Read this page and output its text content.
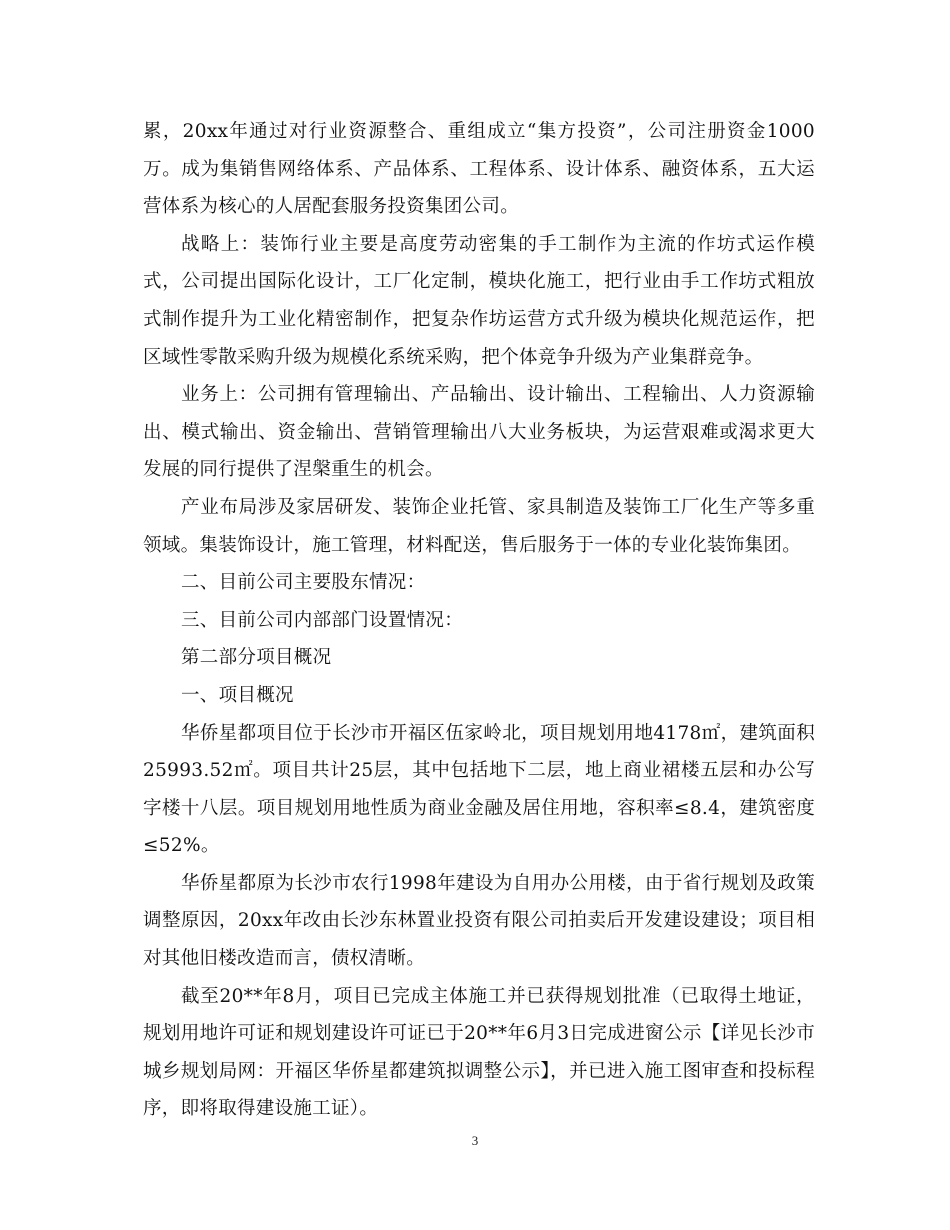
累，20xx年通过对行业资源整合、重组成立“集方投资”，公司注册资金1000万。成为集销售网络体系、产品体系、工程体系、设计体系、融资体系，五大运营体系为核心的人居配套服务投资集团公司。

战略上：装饰行业主要是高度劳动密集的手工制作为主流的作坊式运作模式，公司提出国际化设计，工厂化定制，模块化施工，把行业由手工作坊式粗放式制作提升为工业化精密制作，把复杂作坊运营方式升级为模块化规范运作，把区域性零散采购升级为规模化系统采购，把个体竞争升级为产业集群竞争。

业务上：公司拥有管理输出、产品输出、设计输出、工程输出、人力资源输出、模式输出、资金输出、营销管理输出八大业务板块，为运营艰难或渴求更大发展的同行提供了涅槃重生的机会。

产业布局涉及家居研发、装饰企业托管、家具制造及装饰工厂化生产等多重领域。集装饰设计，施工管理，材料配送，售后服务于一体的专业化装饰集团。

二、目前公司主要股东情况：

三、目前公司内部部门设置情况：

第二部分项目概况

一、项目概况

华侨星都项目位于长沙市开福区伍家岭北，项目规划用地4178㎡，建筑面积25993.52㎡。项目共计25层，其中包括地下二层，地上商业裙楼五层和办公写字楼十八层。项目规划用地性质为商业金融及居住用地，容积率≤8.4，建筑密度≤52%。

华侨星都原为长沙市农行1998年建设为自用办公用楼，由于省行规划及政策调整原因，20xx年改由长沙东林置业投资有限公司拍卖后开发建设建设；项目相对其他旧楼改造而言，债权清晰。

截至20**年8月，项目已完成主体施工并已获得规划批准（已取得土地证，规划用地许可证和规划建设许可证已于20**年6月3日完成进窗公示【详见长沙市城乡规划局网：开福区华侨星都建筑拟调整公示】，并已进入施工图审查和投标程序，即将取得建设施工证）。

3
